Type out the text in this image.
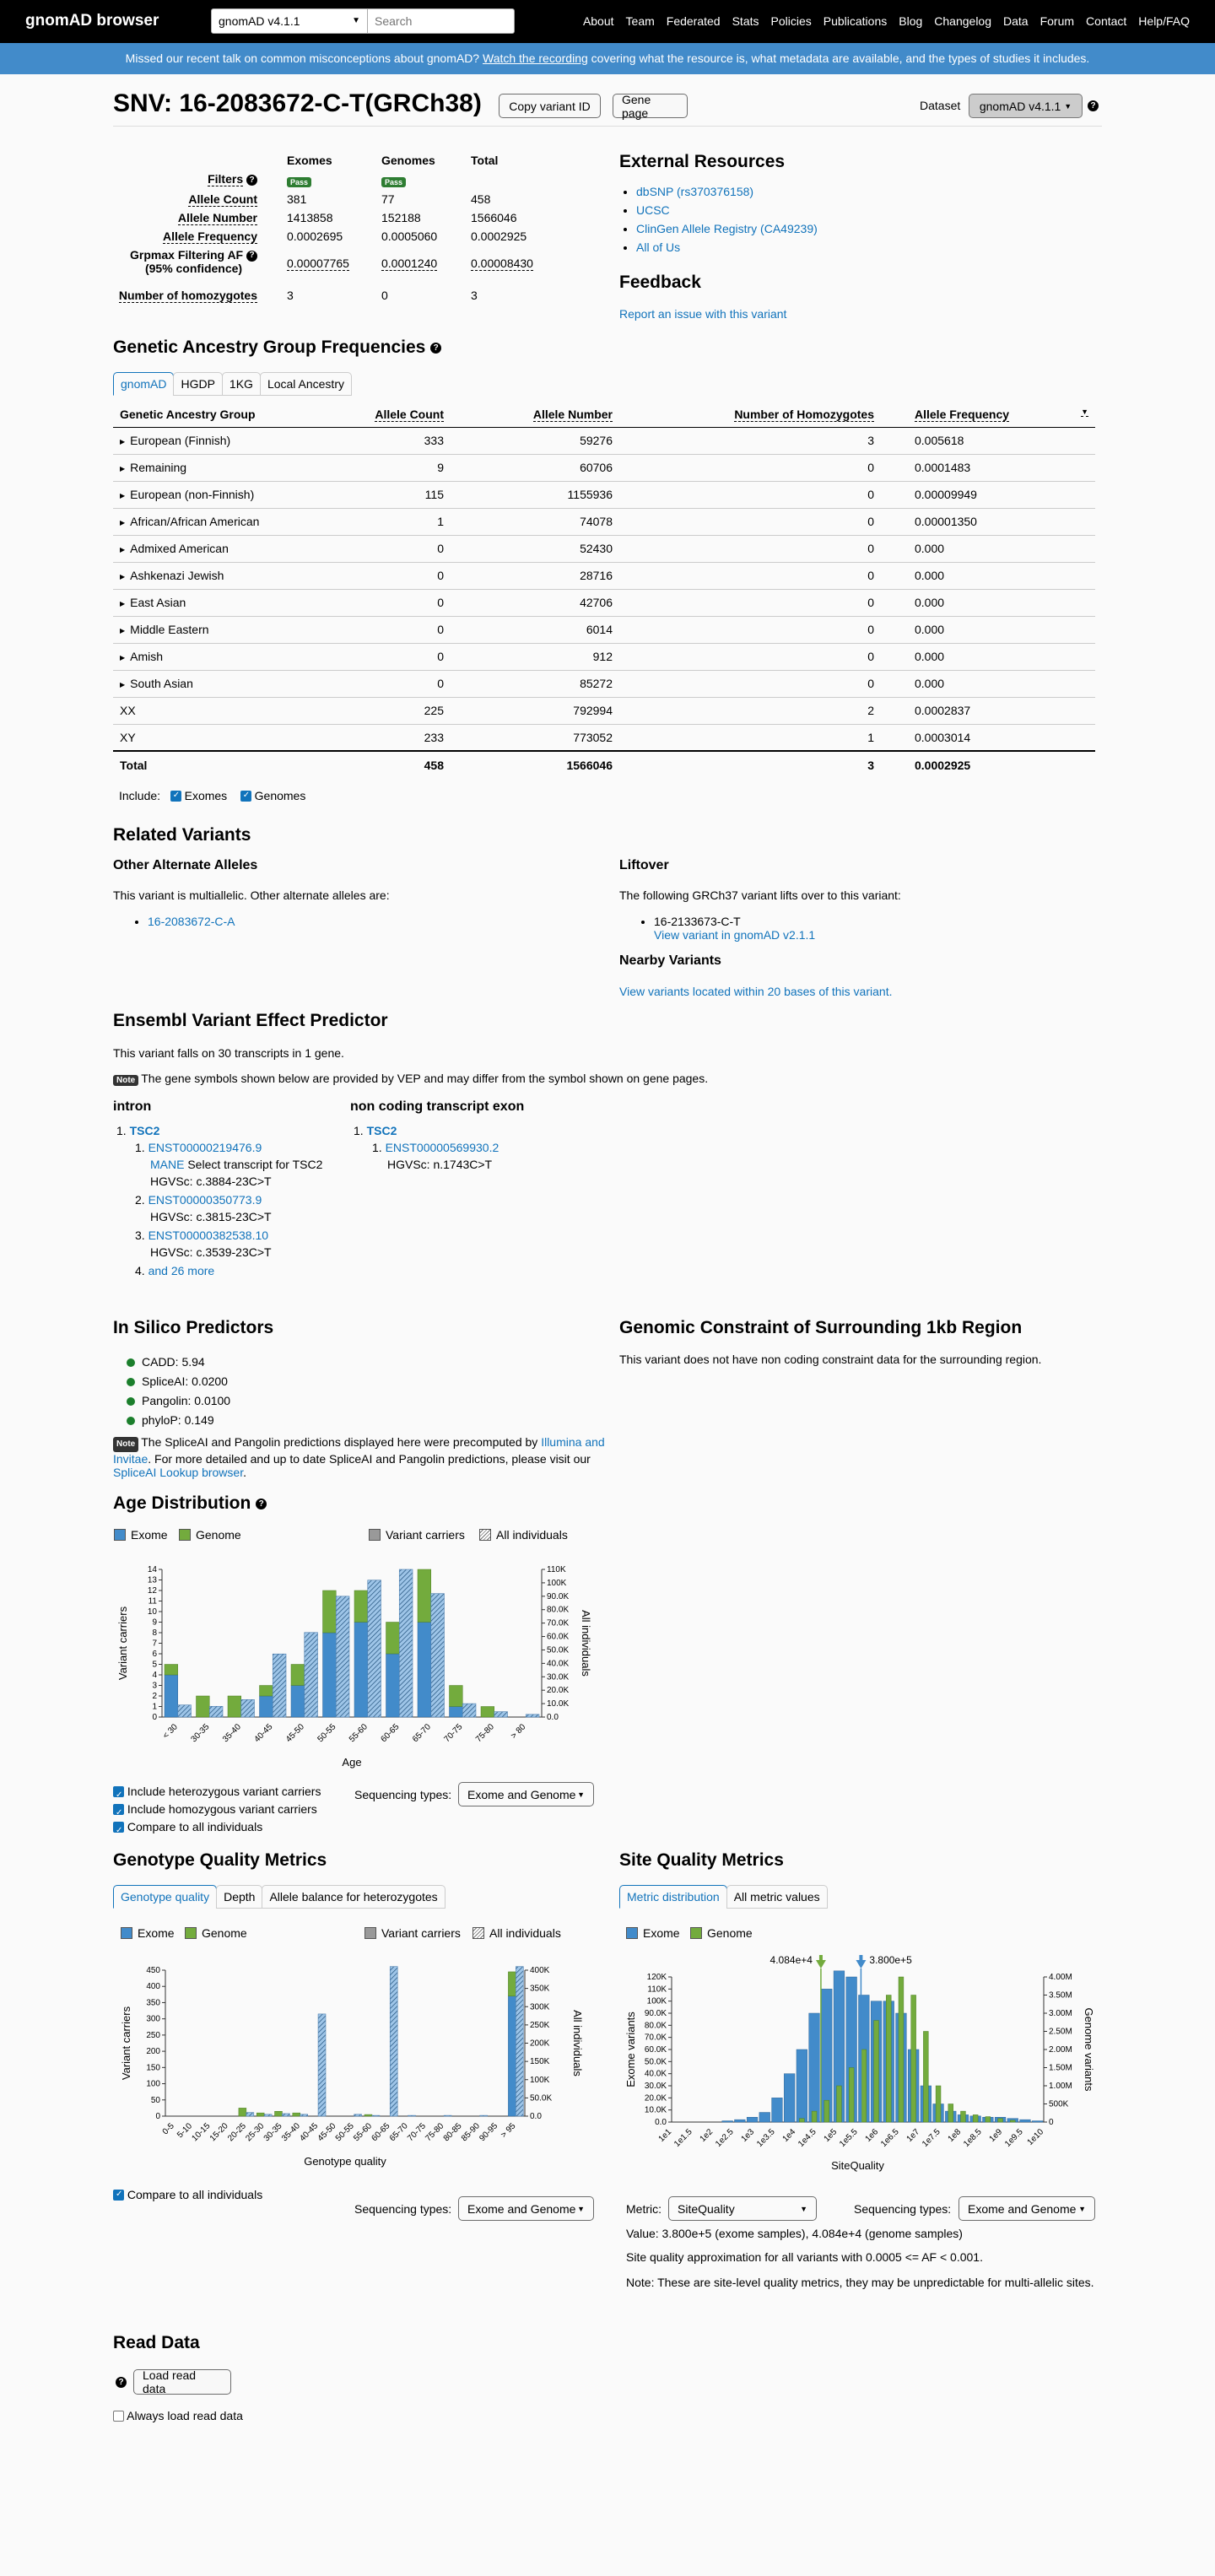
gnomAD browser	gnomAD v4.1.1	▼
Search	About Team Federated Stats Policies Publications Blog Changelog Data Forum Contact Help/FAQ
Missed our recent talk on common misconceptions about gnomAD? Watch the recording covering what the resource is, what metadata are available, and the types of studies it includes.
SNV: 16-2083672-C-T(GRCh38)	Copy variant ID	Gene page
Dataset gnomAD v4.1.1
▼	?
Exomes	Genomes	Total
Filters ?	Pass	Pass
Allele Count	381	77	458
Allele Number	1413858	152188	1566046
Allele Frequency	0.0002695	0.0005060	0.0002925
Grpmax Filtering AF ?
(95% confidence)	0.00007765	0.0001240	0.00008430
Number of homozygotes	3	0	3
External Resources
• dbSNP (rs370376158)
• UCSC
• ClinGen Allele Registry (CA49239)
• All of Us
Feedback
Report an issue with this variant
Genetic Ancestry Group Frequencies ?
gnomAD	HGDP	1KG	Local Ancestry
Genetic Ancestry Group	Allele Count	Allele Number	Number of Homozygotes	Allele Frequency ▼

▶ European (Finnish)	333	59276	3	0.005618
▶ Remaining	9	60706	0	0.0001483
▶ European (non-Finnish)	115	1155936	0	0.00009949
▶ African/African American	1	74078	0	0.00001350
▶ Admixed American	0	52430	0	0.000
▶ Ashkenazi Jewish	0	28716	0	0.000
▶ East Asian	0	42706	0	0.000
▶ Middle Eastern	0	6014	0	0.000
▶ Amish	0	912	0	0.000
▶ South Asian	0	85272	0	0.000
XX	225	792994	2	0.0002837
XY	233	773052	1	0.0003014
Total	458	1566046	3	0.0002925
Include: ✓ Exomes ✓ Genomes
Related Variants
Other Alternate Alleles
This variant is multiallelic. Other alternate alleles are:
• 16-2083672-C-A
Liftover
The following GRCh37 variant lifts over to this variant:
• 16-2133673-C-T
View variant in gnomAD v2.1.1
Nearby Variants
View variants located within 20 bases of this variant.
Ensembl Variant Effect Predictor
This variant falls on 30 transcripts in 1 gene.
Note The gene symbols shown below are provided by VEP and may differ from the symbol shown on gene pages.
intron
1. TSC2
1. ENST00000219476.9
MANE Select transcript for TSC2
HGVSc: c.3884-23C>T
2. ENST00000350773.9
HGVSc: c.3815-23C>T
3. ENST00000382538.10
HGVSc: c.3539-23C>T
4. and 26 more
non coding transcript exon
1. TSC2
1. ENST00000569930.2
HGVSc: n.1743C>T
In Silico Predictors
CADD: 5.94
SpliceAI: 0.0200
Pangolin: 0.0100
phyloP: 0.149
Note The SpliceAI and Pangolin predictions displayed here were precomputed by Illumina and Invitae. For more detailed and up to date SpliceAI and Pangolin predictions, please visit our SpliceAI Lookup browser.
Genomic Constraint of Surrounding 1kb Region
This variant does not have non coding constraint data for the surrounding region.
Age Distribution ?
Exome Genome	Variant carriers	All individuals
0
1
2
3
4
5
6
7
8
9
10
11
12
13
14
0.0
10.0K
20.0K
30.0K
40.0K
50.0K
60.0K
70.0K
80.0K
90.0K
100K
110K
< 30 30-35 35-40 40-45 45-50 50-55 55-60 60-65 65-70 70-75 75-80 > 80
Variant carriers	All individuals
Age
✓ Include heterozygous variant carriers
✓ Include homozygous variant carriers
✓ Compare to all individuals
Sequencing types: Exome and Genome ▼
Genotype Quality Metrics
Genotype quality	Depth	Allele balance for heterozygotes
Exome Genome	Variant carriers All individuals
0
50
100
150
200
250
300
350
400
450
0.0
50.0K
100K
150K
200K
250K
300K
350K
400K
0-5 5-10
10-15
15-20
20-25
25-30
30-35
35-40
40-45
45-50
50-55
55-60
60-65
65-70
70-75
75-80
80-85
85-90
90-95 > 95
Variant carriers	All individuals
Genotype quality
✓ Compare to all individuals
Sequencing types: Exome and Genome ▼
Site Quality Metrics
Metric distribution	All metric values
Exome Genome
0.0
10.0K
20.0K
30.0K
40.0K
50.0K
60.0K
70.0K
80.0K
90.0K
100K
110K
120K
0
500K
1.00M
1.50M
2.00M
2.50M
3.00M
3.50M
4.00M
1e1 1e1.5 1e2 1e2.5 1e3 1e3.5 1e4 1e4.5 1e5 1e5.5 1e6 1e6.5 1e7 1e7.5 1e8 1e8.5 1e9 1e9.5 1e10
4.084e+4	3.800e+5
Exome variants	Genome variants
SiteQuality
Metric: SiteQuality	▼	Sequencing types: Exome and Genome ▼
Value: 3.800e+5 (exome samples), 4.084e+4 (genome samples)
Site quality approximation for all variants with 0.0005 <= AF < 0.001.
Note: These are site-level quality metrics, they may be unpredictable for multi-allelic sites.
Read Data
?
Load read data
Always load read data
